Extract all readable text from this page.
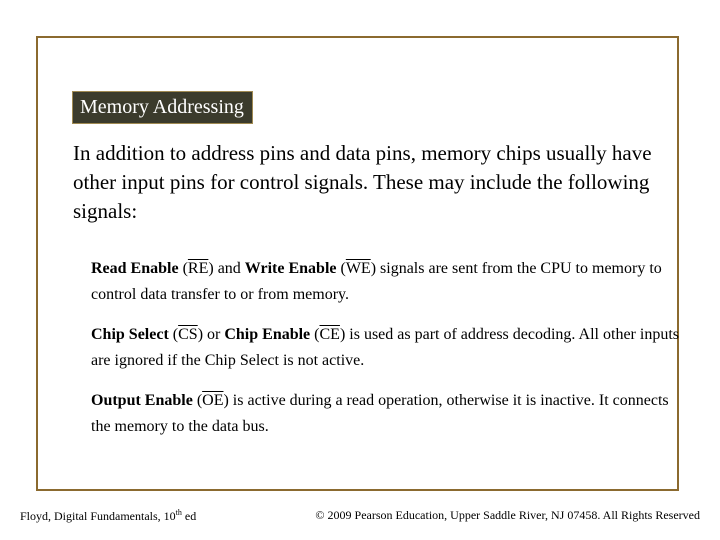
Memory Addressing

In addition to address pins and data pins, memory chips usually have other input pins for control signals. These may include the following signals:

Read Enable $(\overline{RE})$ and Write Enable $(\overline{WE})$ signals are sent from the CPU to memory to control data transfer to or from memory.

Chip Select $(\overline{CS})$ or Chip Enable $(\overline{CE})$ is used as part of address decoding. All other inputs are ignored if the Chip Select is not active.

Output Enable $(\overline{OE})$ is active during a read operation, otherwise it is inactive. It connects the memory to the data bus.

Floyd, Digital Fundamentals, 10th ed	© 2009 Pearson Education, Upper Saddle River, NJ 07458. All Rights Reserved
